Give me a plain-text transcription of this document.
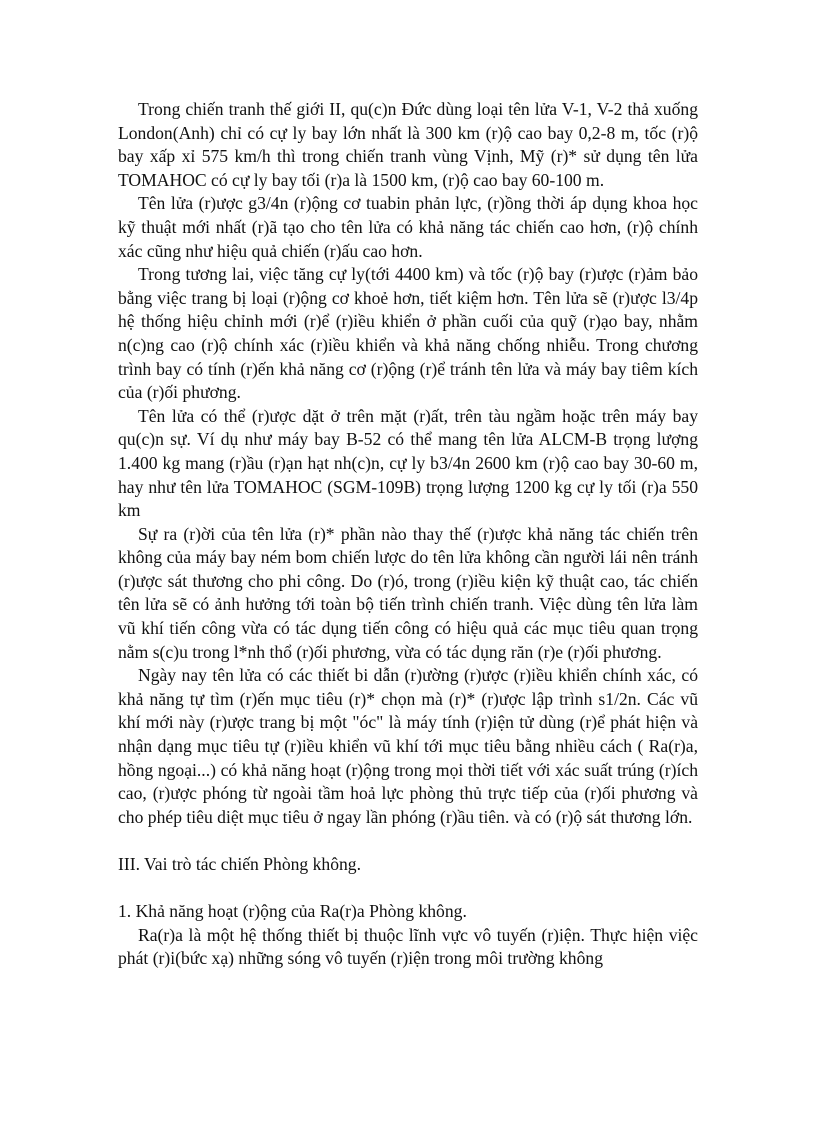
Trong chiến tranh thế giới II, qu(c)n Đức dùng loại tên lửa V-1, V-2 thả xuống London(Anh) chỉ có cự ly bay lớn nhất là 300 km (r)ộ cao bay 0,2-8 m, tốc (r)ộ bay xấp xỉ 575 km/h thì trong chiến tranh vùng Vịnh, Mỹ (r)* sử dụng tên lửa TOMAHOC có cự ly bay tối (r)a là 1500 km, (r)ộ cao bay 60-100 m.

Tên lửa (r)ược g3/4n (r)ộng cơ tuabin phản lực, (r)ồng thời áp dụng khoa học kỹ thuật mới nhất (r)ã tạo cho tên lửa có khả năng tác chiến cao hơn, (r)ộ chính xác cũng như hiệu quả chiến (r)ấu cao hơn.

Trong tương lai, việc tăng cự ly(tới 4400 km) và tốc (r)ộ bay (r)ược (r)ảm bảo bằng việc trang bị loại (r)ộng cơ khoẻ hơn, tiết kiệm hơn. Tên lửa sẽ (r)ược l3/4p hệ thống hiệu chỉnh mới (r)ể (r)iều khiển ở phần cuối của quỹ (r)ạo bay, nhằm n(c)ng cao (r)ộ chính xác (r)iều khiển và khả năng chống nhiễu. Trong chương trình bay có tính (r)ến khả năng cơ (r)ộng (r)ể tránh tên lửa và máy bay tiêm kích của (r)ối phương.

Tên lửa có thể (r)ược dặt ở trên mặt (r)ất, trên tàu ngầm hoặc trên máy bay qu(c)n sự. Ví dụ như máy bay B-52 có thể mang tên lửa ALCM-B trọng lượng 1.400 kg mang (r)ầu (r)ạn hạt nh(c)n, cự ly b3/4n 2600 km (r)ộ cao bay 30-60 m, hay như tên lửa TOMAHOC (SGM-109B) trọng lượng 1200 kg cự ly tối (r)a 550 km

Sự ra (r)ời của tên lửa (r)* phần nào thay thế (r)ược khả năng tác chiến trên không của máy bay ném bom chiến lược do tên lửa không cần người lái nên tránh (r)ược sát thương cho phi công. Do (r)ó, trong (r)iều kiện kỹ thuật cao, tác chiến tên lửa sẽ có ảnh hưởng tới toàn bộ tiến trình chiến tranh. Việc dùng tên lửa làm vũ khí tiến công vừa có tác dụng tiến công có hiệu quả các mục tiêu quan trọng nằm s(c)u trong l*nh thổ (r)ối phương, vừa có tác dụng răn (r)e (r)ối phương.

Ngày nay tên lửa có các thiết bi dẫn (r)ường (r)ược (r)iều khiển chính xác, có khả năng tự tìm (r)ến mục tiêu (r)* chọn mà (r)* (r)ược lập trình s1/2n. Các vũ khí mới này (r)ược trang bị một "óc" là máy tính (r)iện tử dùng (r)ể phát hiện và nhận dạng mục tiêu tự (r)iều khiển vũ khí tới mục tiêu bằng nhiều cách ( Ra(r)a, hồng ngoại...) có khả năng hoạt (r)ộng trong mọi thời tiết với xác suất trúng (r)ích cao, (r)ược phóng từ ngoài tầm hoả lực phòng thủ trực tiếp của (r)ối phương và cho phép tiêu diệt mục tiêu ở ngay lần phóng (r)ầu tiên. và có (r)ộ sát thương lớn.

III. Vai trò tác chiến Phòng không.

1. Khả năng hoạt (r)ộng của Ra(r)a Phòng không.

Ra(r)a là một hệ thống thiết bị thuộc lĩnh vực vô tuyến (r)iện. Thực hiện việc phát (r)i(bức xạ) những sóng vô tuyến (r)iện trong môi trường không
